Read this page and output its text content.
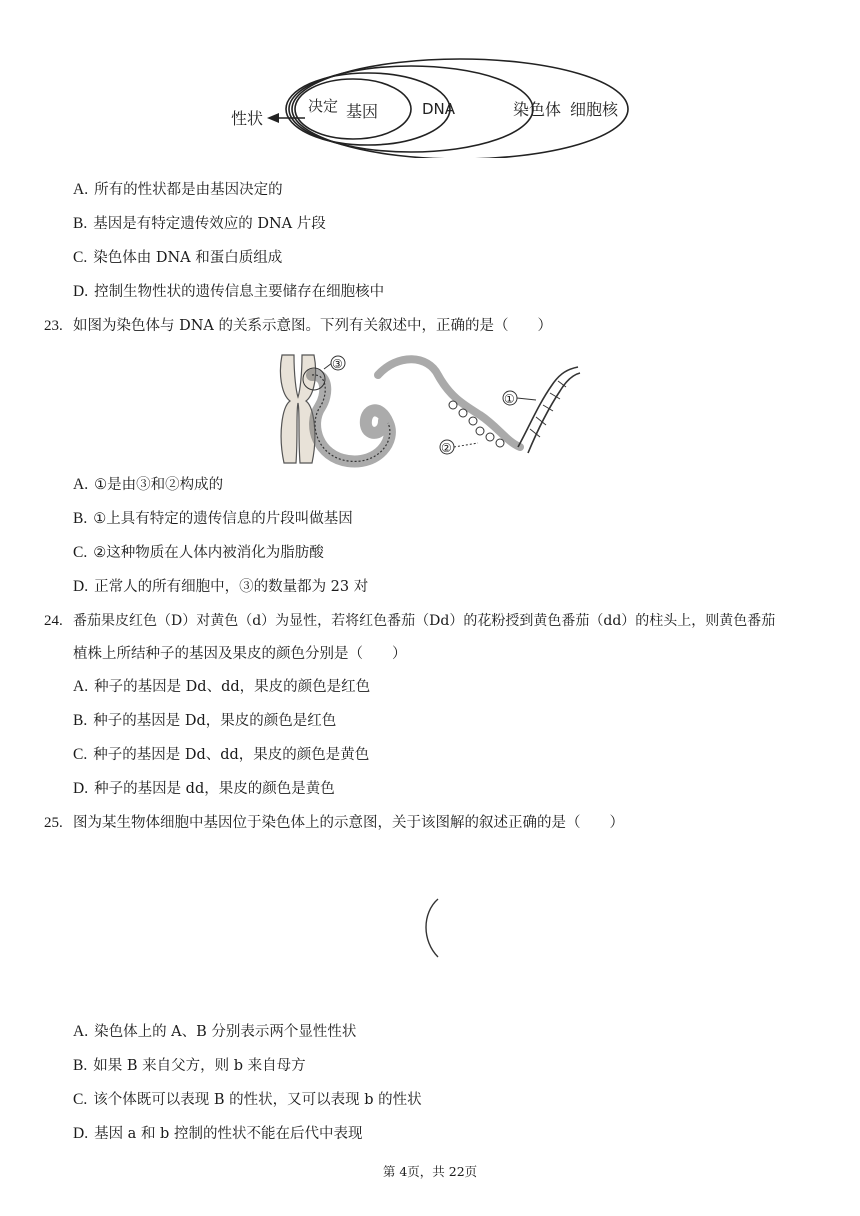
性状
决定 基因	DNA	染色体 细胞核
A. 所有的性状都是由基因决定的
B. 基因是有特定遗传效应的 DNA 片段
C. 染色体由 DNA 和蛋白质组成
D. 控制生物性状的遗传信息主要储存在细胞核中
23. 如图为染色体与 DNA 的关系示意图。下列有关叙述中，正确的是（　　）
③
①
②
A. ①是由③和②构成的
B. ①上具有特定的遗传信息的片段叫做基因
C. ②这种物质在人体内被消化为脂肪酸
D. 正常人的所有细胞中，③的数量都为 23 对
24. 番茄果皮红色（D）对黄色（d）为显性，若将红色番茄（Dd）的花粉授到黄色番茄（dd）的柱头上，则黄色番茄
植株上所结种子的基因及果皮的颜色分别是（　　）
A. 种子的基因是 Dd、dd，果皮的颜色是红色
B. 种子的基因是 Dd，果皮的颜色是红色
C. 种子的基因是 Dd、dd，果皮的颜色是黄色
D. 种子的基因是 dd，果皮的颜色是黄色
25. 图为某生物体细胞中基因位于染色体上的示意图，关于该图解的叙述正确的是（　　）
A. 染色体上的 A、B 分别表示两个显性性状
B. 如果 B 来自父方，则 b 来自母方
C. 该个体既可以表现 B 的性状，又可以表现 b 的性状
D. 基因 a 和 b 控制的性状不能在后代中表现
第 4页，共 22页
